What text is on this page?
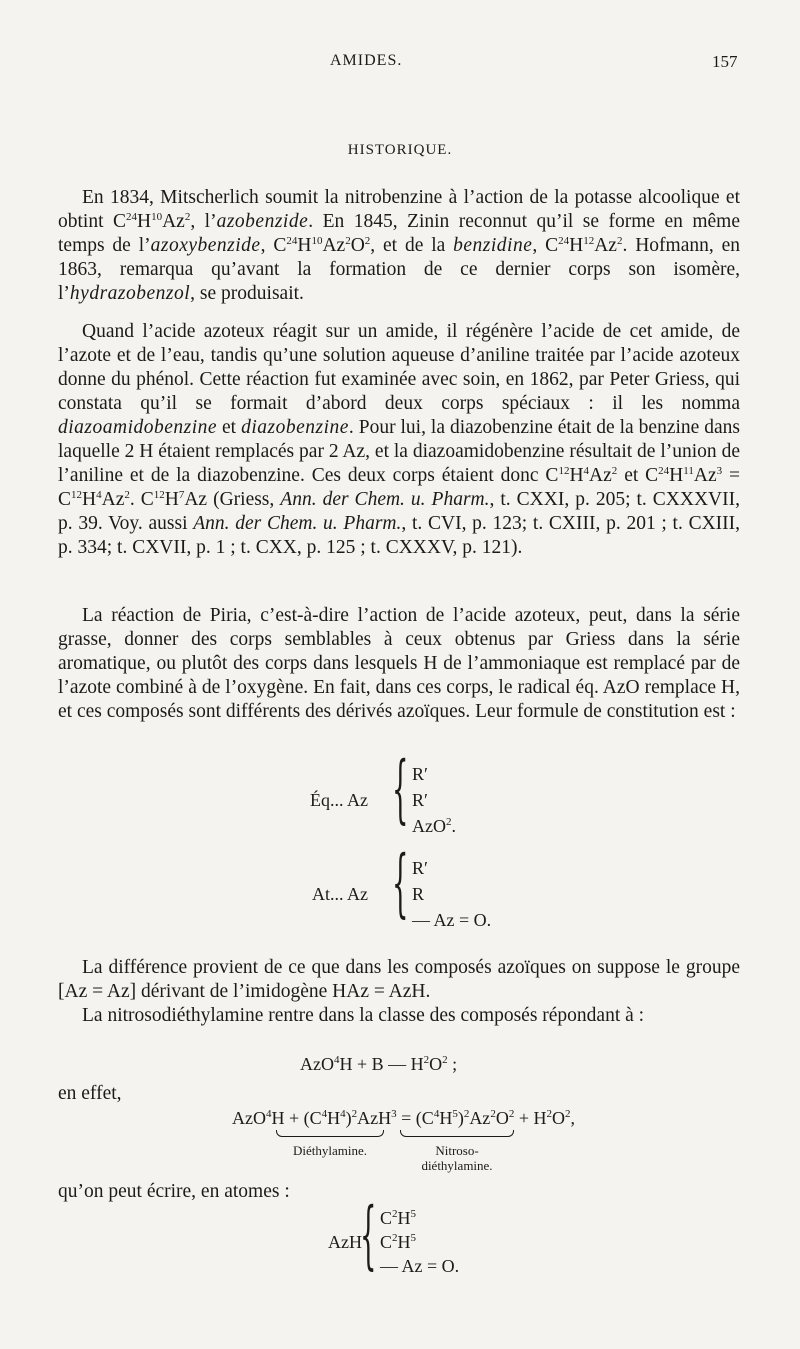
AMIDES.	157
HISTORIQUE.

En 1834, Mitscherlich soumit la nitrobenzine à l’action de la potasse alcoolique et obtint $C^{24}H^{10}Az^2$, l’azobenzide. En 1845, Zinin reconnut qu’il se forme en même temps de l’azoxybenzide, $C^{24}H^{10}Az^2O^2$, et de la benzidine, $C^{24}H^{12}Az^2$. Hofmann, en 1863, remarqua qu’avant la formation de ce dernier corps son isomère, l’hydrazobenzol, se produisait.

Quand l’acide azoteux réagit sur un amide, il régénère l’acide de cet amide, de l’azote et de l’eau, tandis qu’une solution aqueuse d’aniline traitée par l’acide azoteux donne du phénol. Cette réaction fut examinée avec soin, en 1862, par Peter Griess, qui constata qu’il se formait d’abord deux corps spéciaux : il les nomma diazoamidobenzine et diazobenzine. Pour lui, la diazobenzine était de la benzine dans laquelle 2 H étaient remplacés par 2 Az, et la diazoamidobenzine résultait de l’union de l’aniline et de la diazobenzine. Ces deux corps étaient donc $C^{12}H^4Az^2$ et $C^{24}H^{11}Az^3 = C^{12}H^4Az^2$. $C^{12}H^7Az$ (Griess, Ann. der Chem. u. Pharm., t. CXXI, p. 205; t. CXXXVII, p. 39. Voy. aussi Ann. der Chem. u. Pharm., t. CVI, p. 123; t. CXIII, p. 201 ; t. CXIII, p. 334; t. CXVII, p. 1 ; t. CXX, p. 125 ; t. CXXXV, p. 121).

La réaction de Piria, c’est-à-dire l’action de l’acide azoteux, peut, dans la série grasse, donner des corps semblables à ceux obtenus par Griess dans la série aromatique, ou plutôt des corps dans lesquels H de l’ammoniaque est remplacé par de l’azote combiné à de l’oxygène. En fait, dans ces corps, le radical éq. AzO remplace H, et ces composés sont différents des dérivés azoïques. Leur formule de constitution est :

Éq... Az { R′
R′
AzO$^2$.
At... Az { R′
R
— Az = O.

La différence provient de ce que dans les composés azoïques on suppose le groupe [Az = Az] dérivant de l’imidogène HAz = AzH.

La nitrosodiéthylamine rentre dans la classe des composés répondant à :

AzO$^4$H + B — $H^2O^2$ ;

en effet,

$AzO^4H + (C^4H^4)^2AzH^3 = (C^4H^5)^2Az^2O^2 + H^2O^2$,
Diéthylamine.	Nitroso-
diéthylamine.

qu’on peut écrire, en atomes :

AzH
{ $C^2H^5$
$C^2H^5$
— Az = O.
